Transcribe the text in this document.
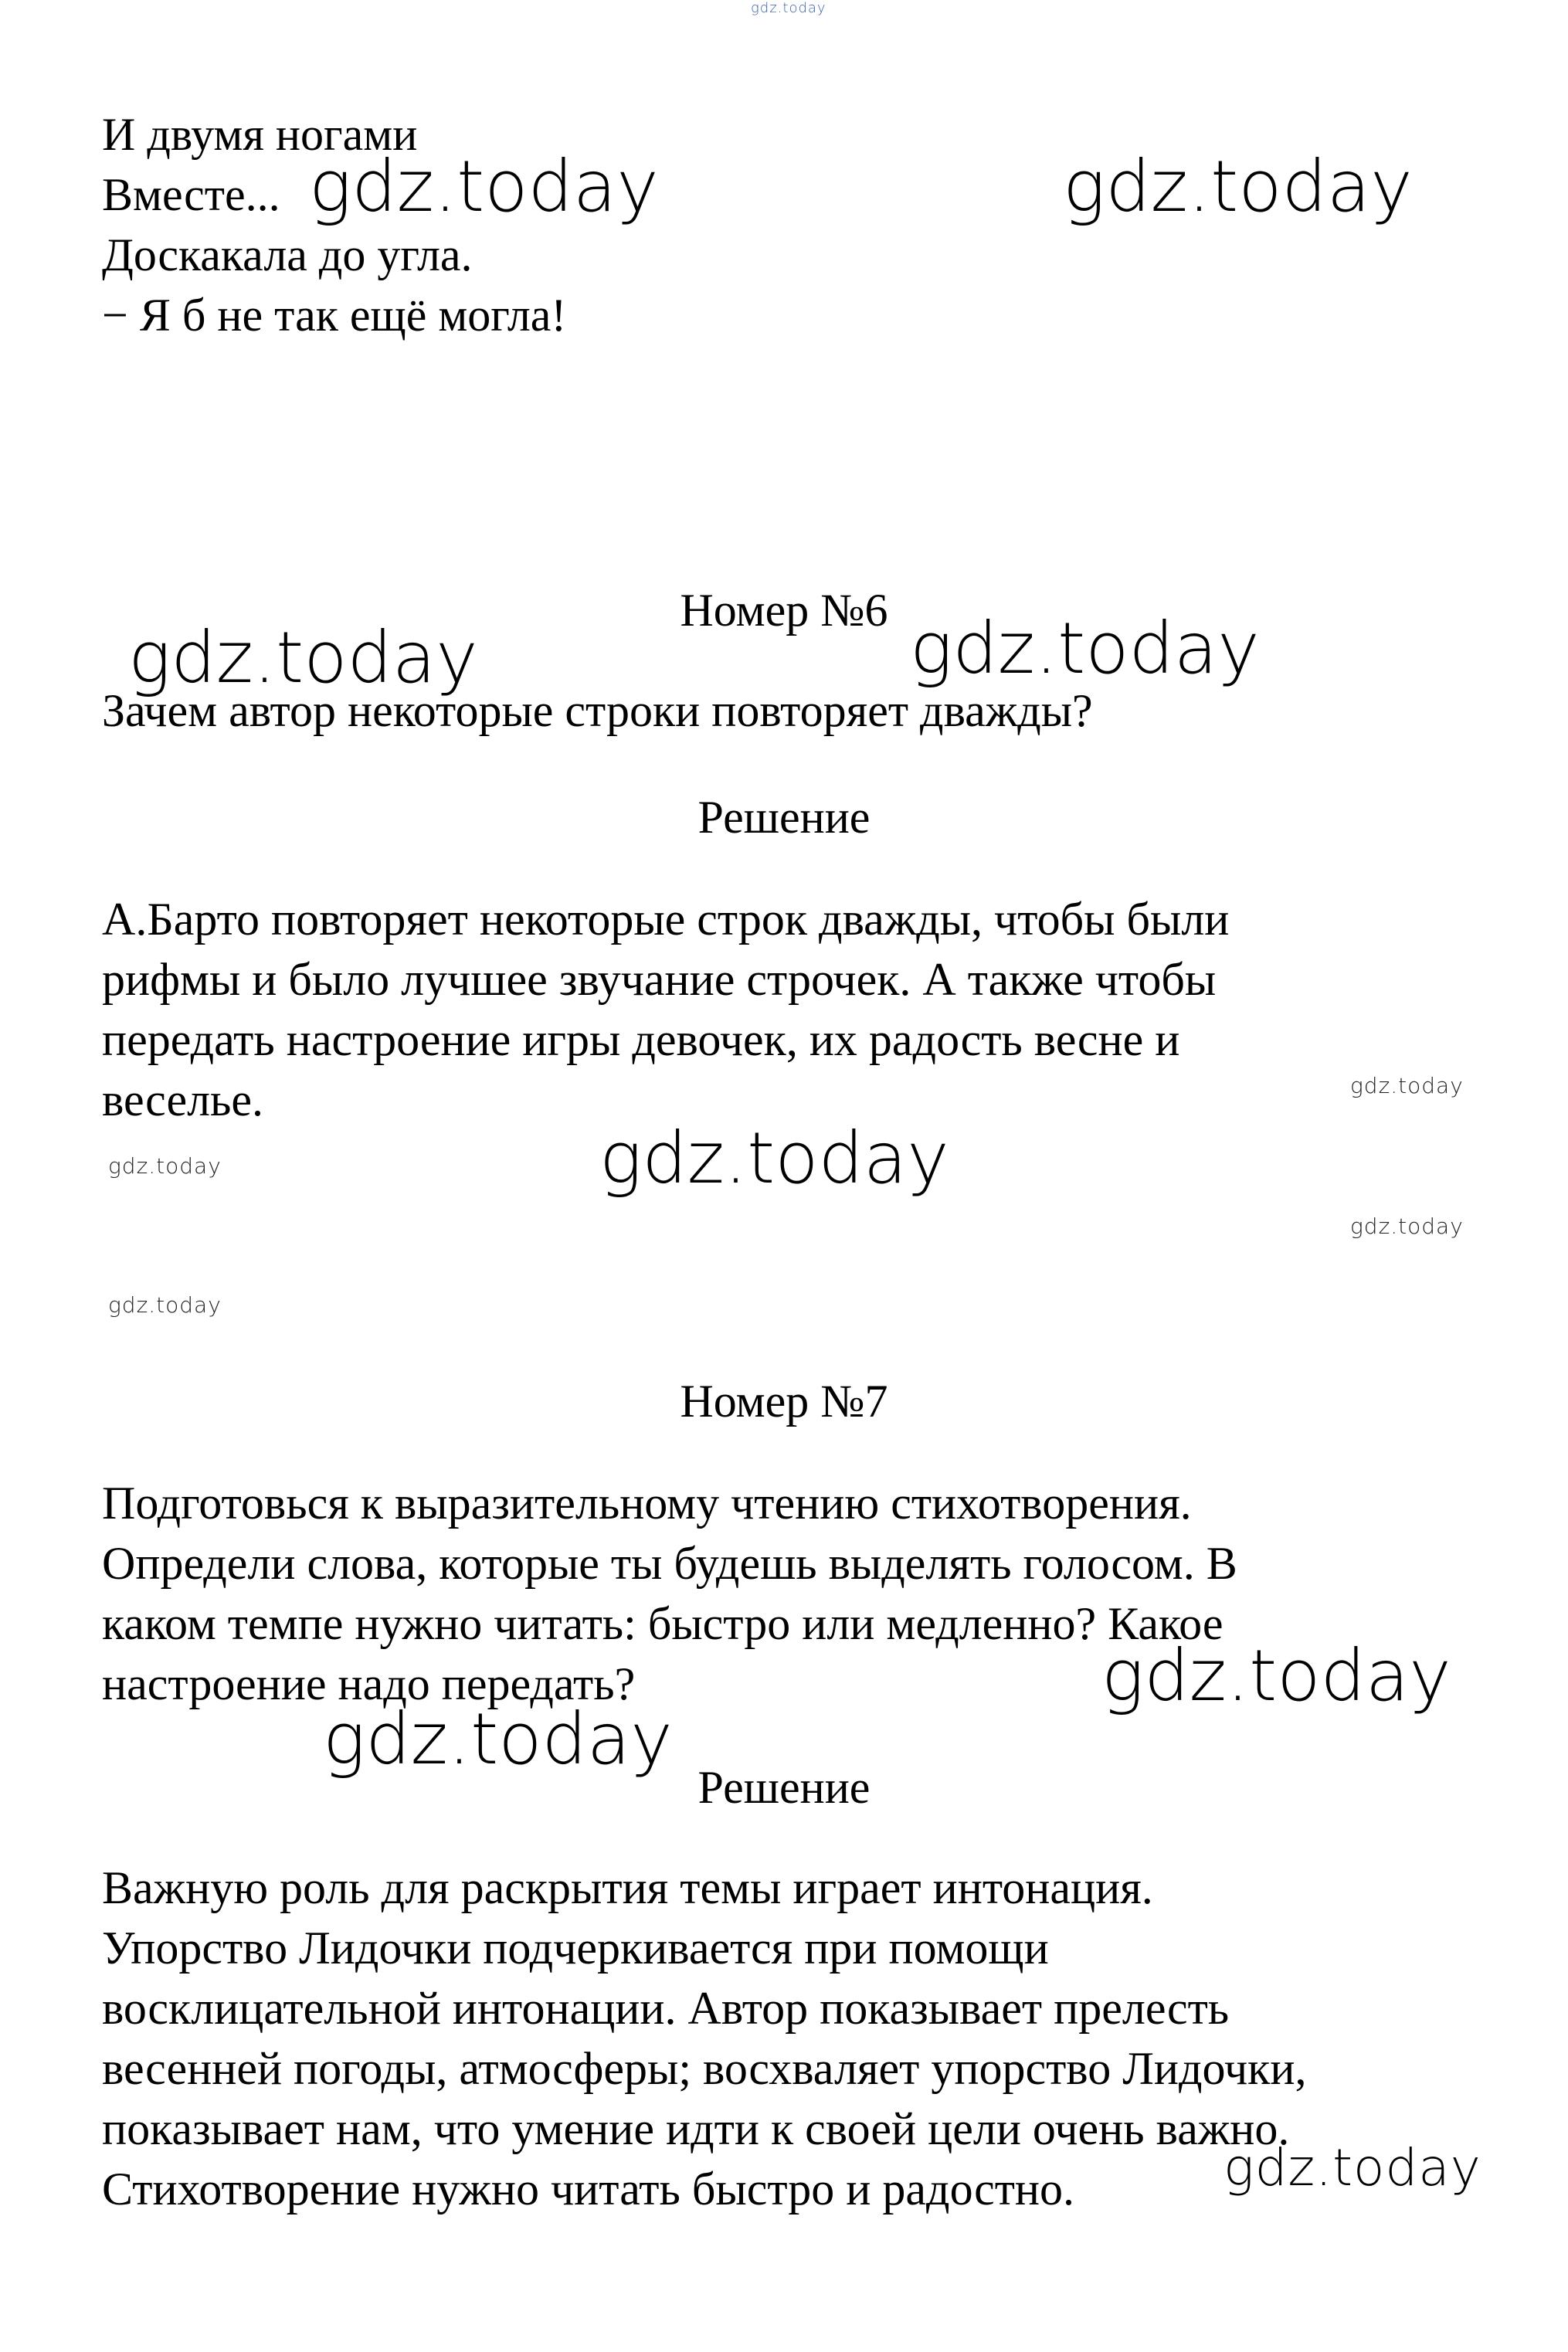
И двумя ногами
Вместе...
Доскакала до угла.
− Я б не так ещё могла!
Номер №6
Зачем автор некоторые строки повторяет дважды?
Решение
А.Барто повторяет некоторые строк дважды, чтобы были
рифмы и было лучшее звучание строчек. А также чтобы
передать настроение игры девочек, их радость весне и
веселье.
Номер №7
Подготовься к выразительному чтению стихотворения.
Определи слова, которые ты будешь выделять голосом. В
каком темпе нужно читать: быстро или медленно? Какое
настроение надо передать?
Решение
Важную роль для раскрытия темы играет интонация.
Упорство Лидочки подчеркивается при помощи
восклицательной интонации. Автор показывает прелесть
весенней погоды, атмосферы; восхваляет упорство Лидочки,
показывает нам, что умение идти к своей цели очень важно.
Стихотворение нужно читать быстро и радостно.
gdz.today
gdz.today	gdz.today
gdz.today	gdz.today
gdz.today
gdz.today	gdz.today
gdz.today
gdz.today
gdz.today
gdz.today
gdz.today
